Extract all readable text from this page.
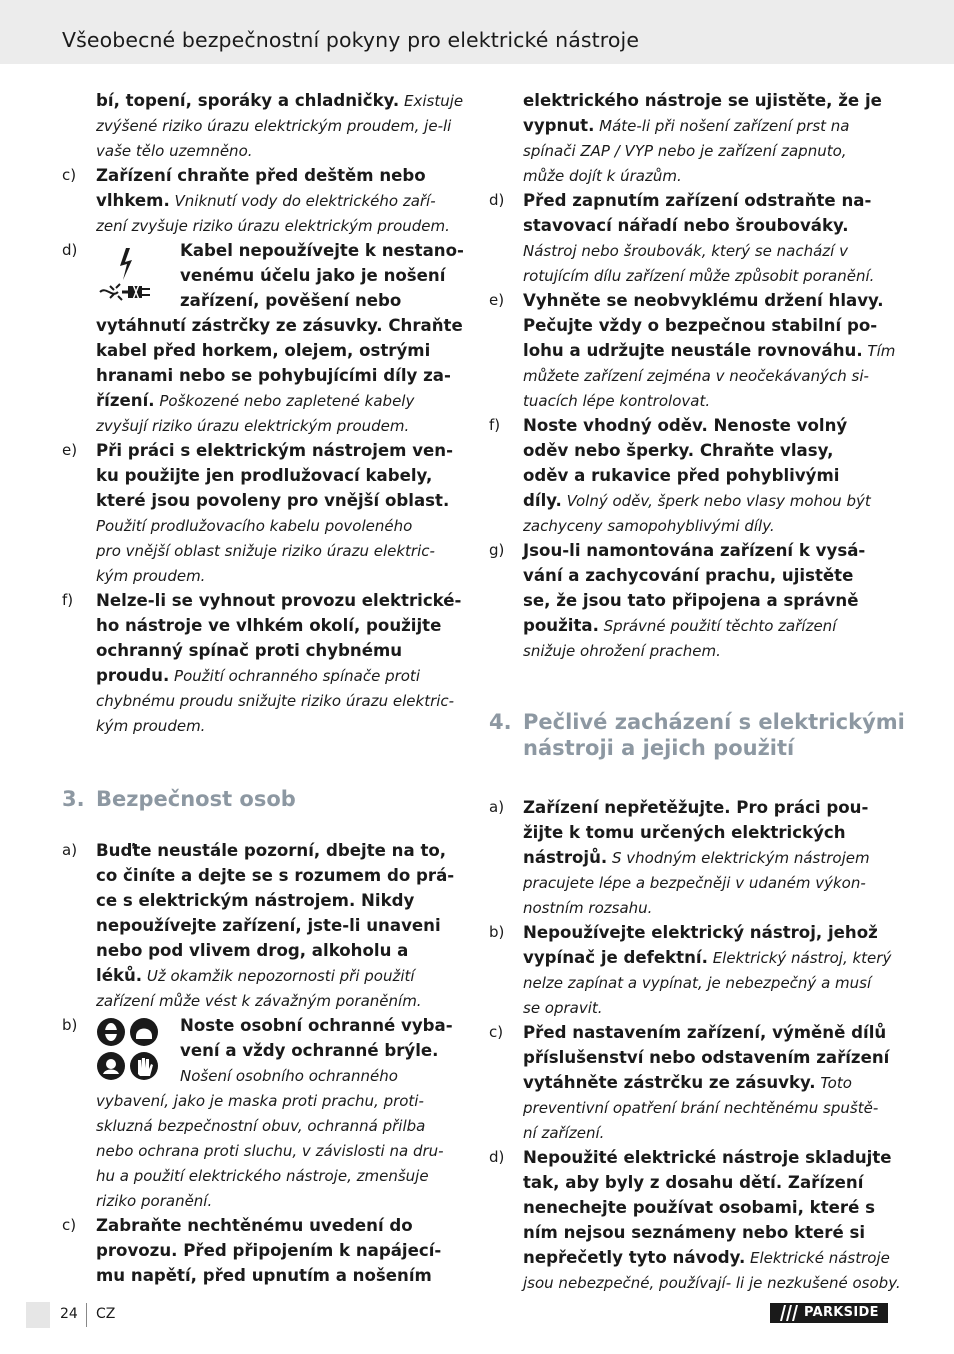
Všeobecné bezpečnostní pokyny pro elektrické nástroje
bí, topení, sporáky a chladničky. Existuje
zvýšené riziko úrazu elektrickým proudem, je-li
vaše tělo uzemněno.
c)	Zařízení chraňte před deštěm nebo
vlhkem. Vniknutí vody do elektrického zaří-
zení zvyšuje riziko úrazu elektrickým proudem.
d)	Kabel nepoužívejte k nestano-
venému účelu jako je nošení
zařízení, pověšení nebo
vytáhnutí zástrčky ze zásuvky. Chraňte
kabel před horkem, olejem, ostrými
hranami nebo se pohybujícími díly za-
řízení. Poškozené nebo zapletené kabely
zvyšují riziko úrazu elektrickým proudem.
e)	Při práci s elektrickým nástrojem ven-
ku použijte jen prodlužovací kabely,
které jsou povoleny pro vnější oblast.
Použití prodlužovacího kabelu povoleného
pro vnější oblast snižuje riziko úrazu elektric-
kým proudem.
f)	Nelze-li se vyhnout provozu elektrické-
ho nástroje ve vlhkém okolí, použijte
ochranný spínač proti chybnému
proudu. Použití ochranného spínače proti
chybnému proudu snižujte riziko úrazu elektric-
kým proudem.
3. Bezpečnost osob
a)	Buďte neustále pozorní, dbejte na to,
co činíte a dejte se s rozumem do prá-
ce s elektrickým nástrojem. Nikdy
nepoužívejte zařízení, jste-li unaveni
nebo pod vlivem drog, alkoholu a
léků. Už okamžik nepozornosti při použití
zařízení může vést k závažným poraněním.
b)	Noste osobní ochranné vyba-
vení a vždy ochranné brýle.
Nošení osobního ochranného
vybavení, jako je maska proti prachu, proti-
skluzná bezpečnostní obuv, ochranná přilba
nebo ochrana proti sluchu, v závislosti na dru-
hu a použití elektrického nástroje, zmenšuje
riziko poranění.
c)	Zabraňte nechtěnému uvedení do
provozu. Před připojením k napájecí-
mu napětí, před upnutím a nošením
elektrického nástroje se ujistěte, že je
vypnut. Máte-li při nošení zařízení prst na
spínači ZAP / VYP nebo je zařízení zapnuto,
může dojít k úrazům.
d)	Před zapnutím zařízení odstraňte na-
stavovací nářadí nebo šroubováky.
Nástroj nebo šroubovák, který se nachází v
rotujícím dílu zařízení může způsobit poranění.
e)	Vyhněte se neobvyklému držení hlavy.
Pečujte vždy o bezpečnou stabilní po-
lohu a udržujte neustále rovnováhu. Tím
můžete zařízení zejména v neočekávaných si-
tuacích lépe kontrolovat.
f)	Noste vhodný oděv. Nenoste volný
oděv nebo šperky. Chraňte vlasy,
oděv a rukavice před pohyblivými
díly. Volný oděv, šperk nebo vlasy mohou být
zachyceny samopohyblivými díly.
g)	Jsou-li namontována zařízení k vysá-
vání a zachycování prachu, ujistěte
se, že jsou tato připojena a správně
použita. Správné použití těchto zařízení
snižuje ohrožení prachem.
4. Pečlivé zacházení s elektrickými
nástroji a jejich použití
a)	Zařízení nepřetěžujte. Pro práci pou-
žijte k tomu určených elektrických
nástrojů. S vhodným elektrickým nástrojem
pracujete lépe a bezpečněji v udaném výkon-
nostním rozsahu.
b)	Nepoužívejte elektrický nástroj, jehož
vypínač je defektní. Elektrický nástroj, který
nelze zapínat a vypínat, je nebezpečný a musí
se opravit.
c)	Před nastavením zařízení, výměně dílů
příslušenství nebo odstavením zařízení
vytáhněte zástrčku ze zásuvky. Toto
preventivní opatření brání nechtěnému spuště-
ní zařízení.
d)	Nepoužité elektrické nástroje skladujte
tak, aby byly z dosahu dětí. Zařízení
nenechejte používat osobami, které s
ním nejsou seznámeny nebo které si
nepřečetly tyto návody. Elektrické nástroje
jsou nebezpečné, používají- li je nezkušené osoby.
24 CZ	PARKSIDE
